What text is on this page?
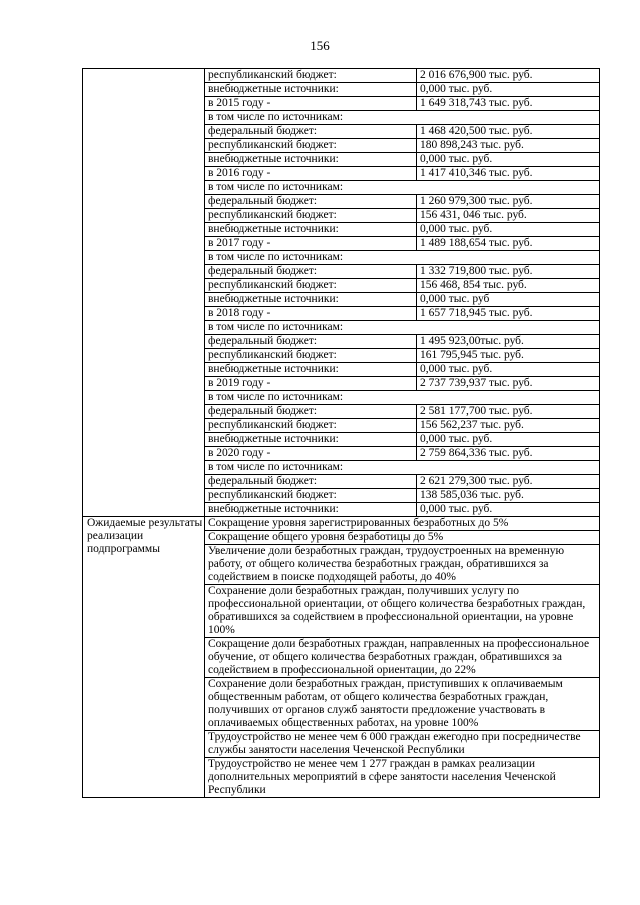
156

республиканский бюджет:	2 016 676,900 тыс. руб.
внебюджетные источники:	0,000 тыс. руб.
в 2015 году -	1 649 318,743 тыс. руб.
в том числе по источникам:
федеральный бюджет:	1 468 420,500 тыс. руб.
республиканский бюджет:	180 898,243 тыс. руб.
внебюджетные источники:	0,000 тыс. руб.
в 2016 году -	1 417 410,346 тыс. руб.
в том числе по источникам:
федеральный бюджет:	1 260 979,300 тыс. руб.
республиканский бюджет:	156 431, 046 тыс. руб.
внебюджетные источники:	0,000 тыс. руб.
в 2017 году -	1 489 188,654 тыс. руб.
в том числе по источникам:
федеральный бюджет:	1 332 719,800 тыс. руб.
республиканский бюджет:	156 468, 854 тыс. руб.
внебюджетные источники:	0,000 тыс. руб
в 2018 году -	1 657 718,945 тыс. руб.
в том числе по источникам:
федеральный бюджет:	1 495 923,00тыс. руб.
республиканский бюджет:	161 795,945 тыс. руб.
внебюджетные источники:	0,000 тыс. руб.
в 2019 году -	2 737 739,937 тыс. руб.
в том числе по источникам:
федеральный бюджет:	2 581 177,700 тыс. руб.
республиканский бюджет:	156 562,237 тыс. руб.
внебюджетные источники:	0,000 тыс. руб.
в 2020 году -	2 759 864,336 тыс. руб.
в том числе по источникам:
федеральный бюджет:	2 621 279,300 тыс. руб.
республиканский бюджет:	138 585,036 тыс. руб.
внебюджетные источники:	0,000 тыс. руб.

Ожидаемые результаты реализации подпрограммы	
Сокращение уровня зарегистрированных безработных до 5%
Сокращение общего уровня безработицы до 5%
Увеличение доли безработных граждан, трудоустроенных на временную работу, от общего количества безработных граждан, обратившихся за содействием в поиске подходящей работы, до 40%
Сохранение доли безработных граждан, получивших услугу по профессиональной ориентации, от общего количества безработных граждан, обратившихся за содействием в профессиональной ориентации, на уровне 100%
Сокращение доли безработных граждан, направленных на профессиональное обучение, от общего количества безработных граждан, обратившихся за содействием в профессиональной ориентации, до 22%
Сохранение доли безработных граждан, приступивших к оплачиваемым общественным работам, от общего количества безработных граждан, получивших от органов служб занятости предложение участвовать в оплачиваемых общественных работах, на уровне 100%
Трудоустройство не менее чем 6 000 граждан ежегодно при посредничестве службы занятости населения Чеченской Республики
Трудоустройство не менее чем 1 277 граждан в рамках реализации дополнительных мероприятий в сфере занятости населения Чеченской Республики
